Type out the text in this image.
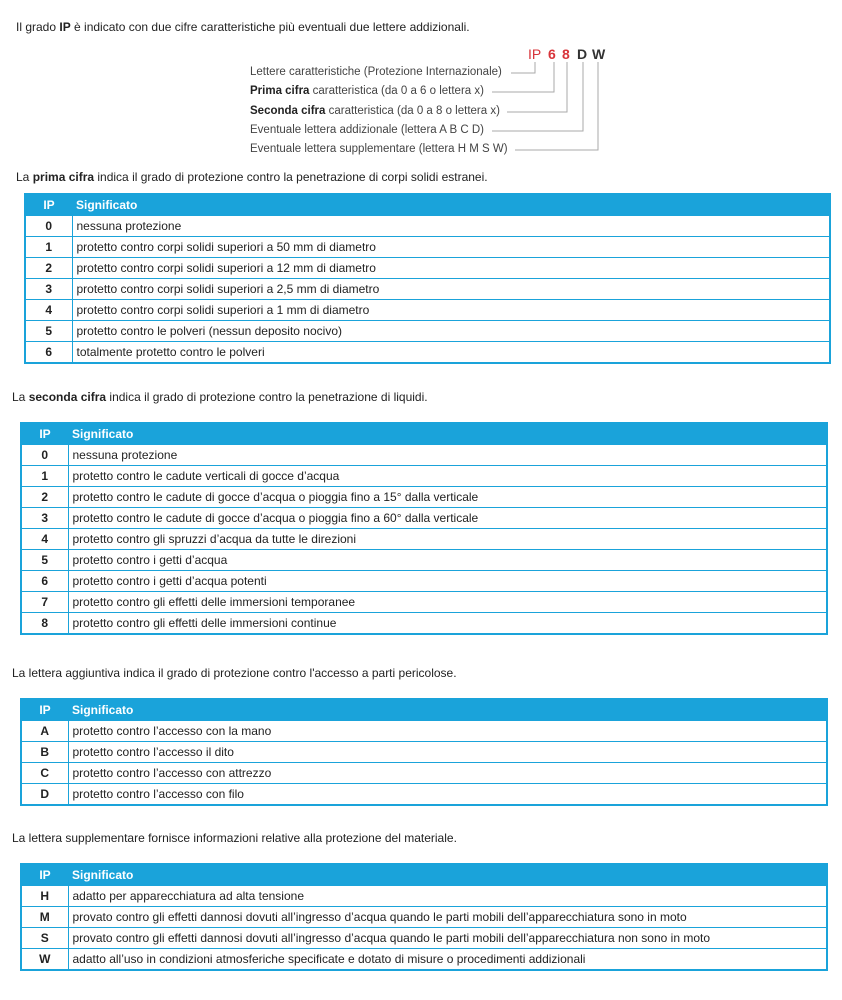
Il grado IP è indicato con due cifre caratteristiche più eventuali due lettere addizionali.
IP 6 8 D W
Lettere caratteristiche (Protezione Internazionale)
Prima cifra caratteristica (da 0 a 6 o lettera x)
Seconda cifra caratteristica (da 0 a 8 o lettera x)
Eventuale lettera addizionale (lettera A B C D)
Eventuale lettera supplementare (lettera H M S W)
La prima cifra indica il grado di protezione contro la penetrazione di corpi solidi estranei.
IP	Significato
0	nessuna protezione
1	protetto contro corpi solidi superiori a 50 mm di diametro
2	protetto contro corpi solidi superiori a 12 mm di diametro
3	protetto contro corpi solidi superiori a 2,5 mm di diametro
4	protetto contro corpi solidi superiori a 1 mm di diametro
5	protetto contro le polveri (nessun deposito nocivo)
6	totalmente protetto contro le polveri
La seconda cifra indica il grado di protezione contro la penetrazione di liquidi.
IP	Significato
0	nessuna protezione
1	protetto contro le cadute verticali di gocce d’acqua
2	protetto contro le cadute di gocce d’acqua o pioggia fino a 15° dalla verticale
3	protetto contro le cadute di gocce d’acqua o pioggia fino a 60° dalla verticale
4	protetto contro gli spruzzi d’acqua da tutte le direzioni
5	protetto contro i getti d’acqua
6	protetto contro i getti d’acqua potenti
7	protetto contro gli effetti delle immersioni temporanee
8	protetto contro gli effetti delle immersioni continue
La lettera aggiuntiva indica il grado di protezione contro l'accesso a parti pericolose.
IP	Significato
A	protetto contro l’accesso con la mano
B	protetto contro l’accesso il dito
C	protetto contro l’accesso con attrezzo
D	protetto contro l’accesso con filo
La lettera supplementare fornisce informazioni relative alla protezione del materiale.
IP	Significato
H	adatto per apparecchiatura ad alta tensione
M	provato contro gli effetti dannosi dovuti all’ingresso d’acqua quando le parti mobili dell’apparecchiatura sono in moto
S	provato contro gli effetti dannosi dovuti all’ingresso d’acqua quando le parti mobili dell’apparecchiatura non sono in moto
W	adatto all’uso in condizioni atmosferiche specificate e dotato di misure o procedimenti addizionali
